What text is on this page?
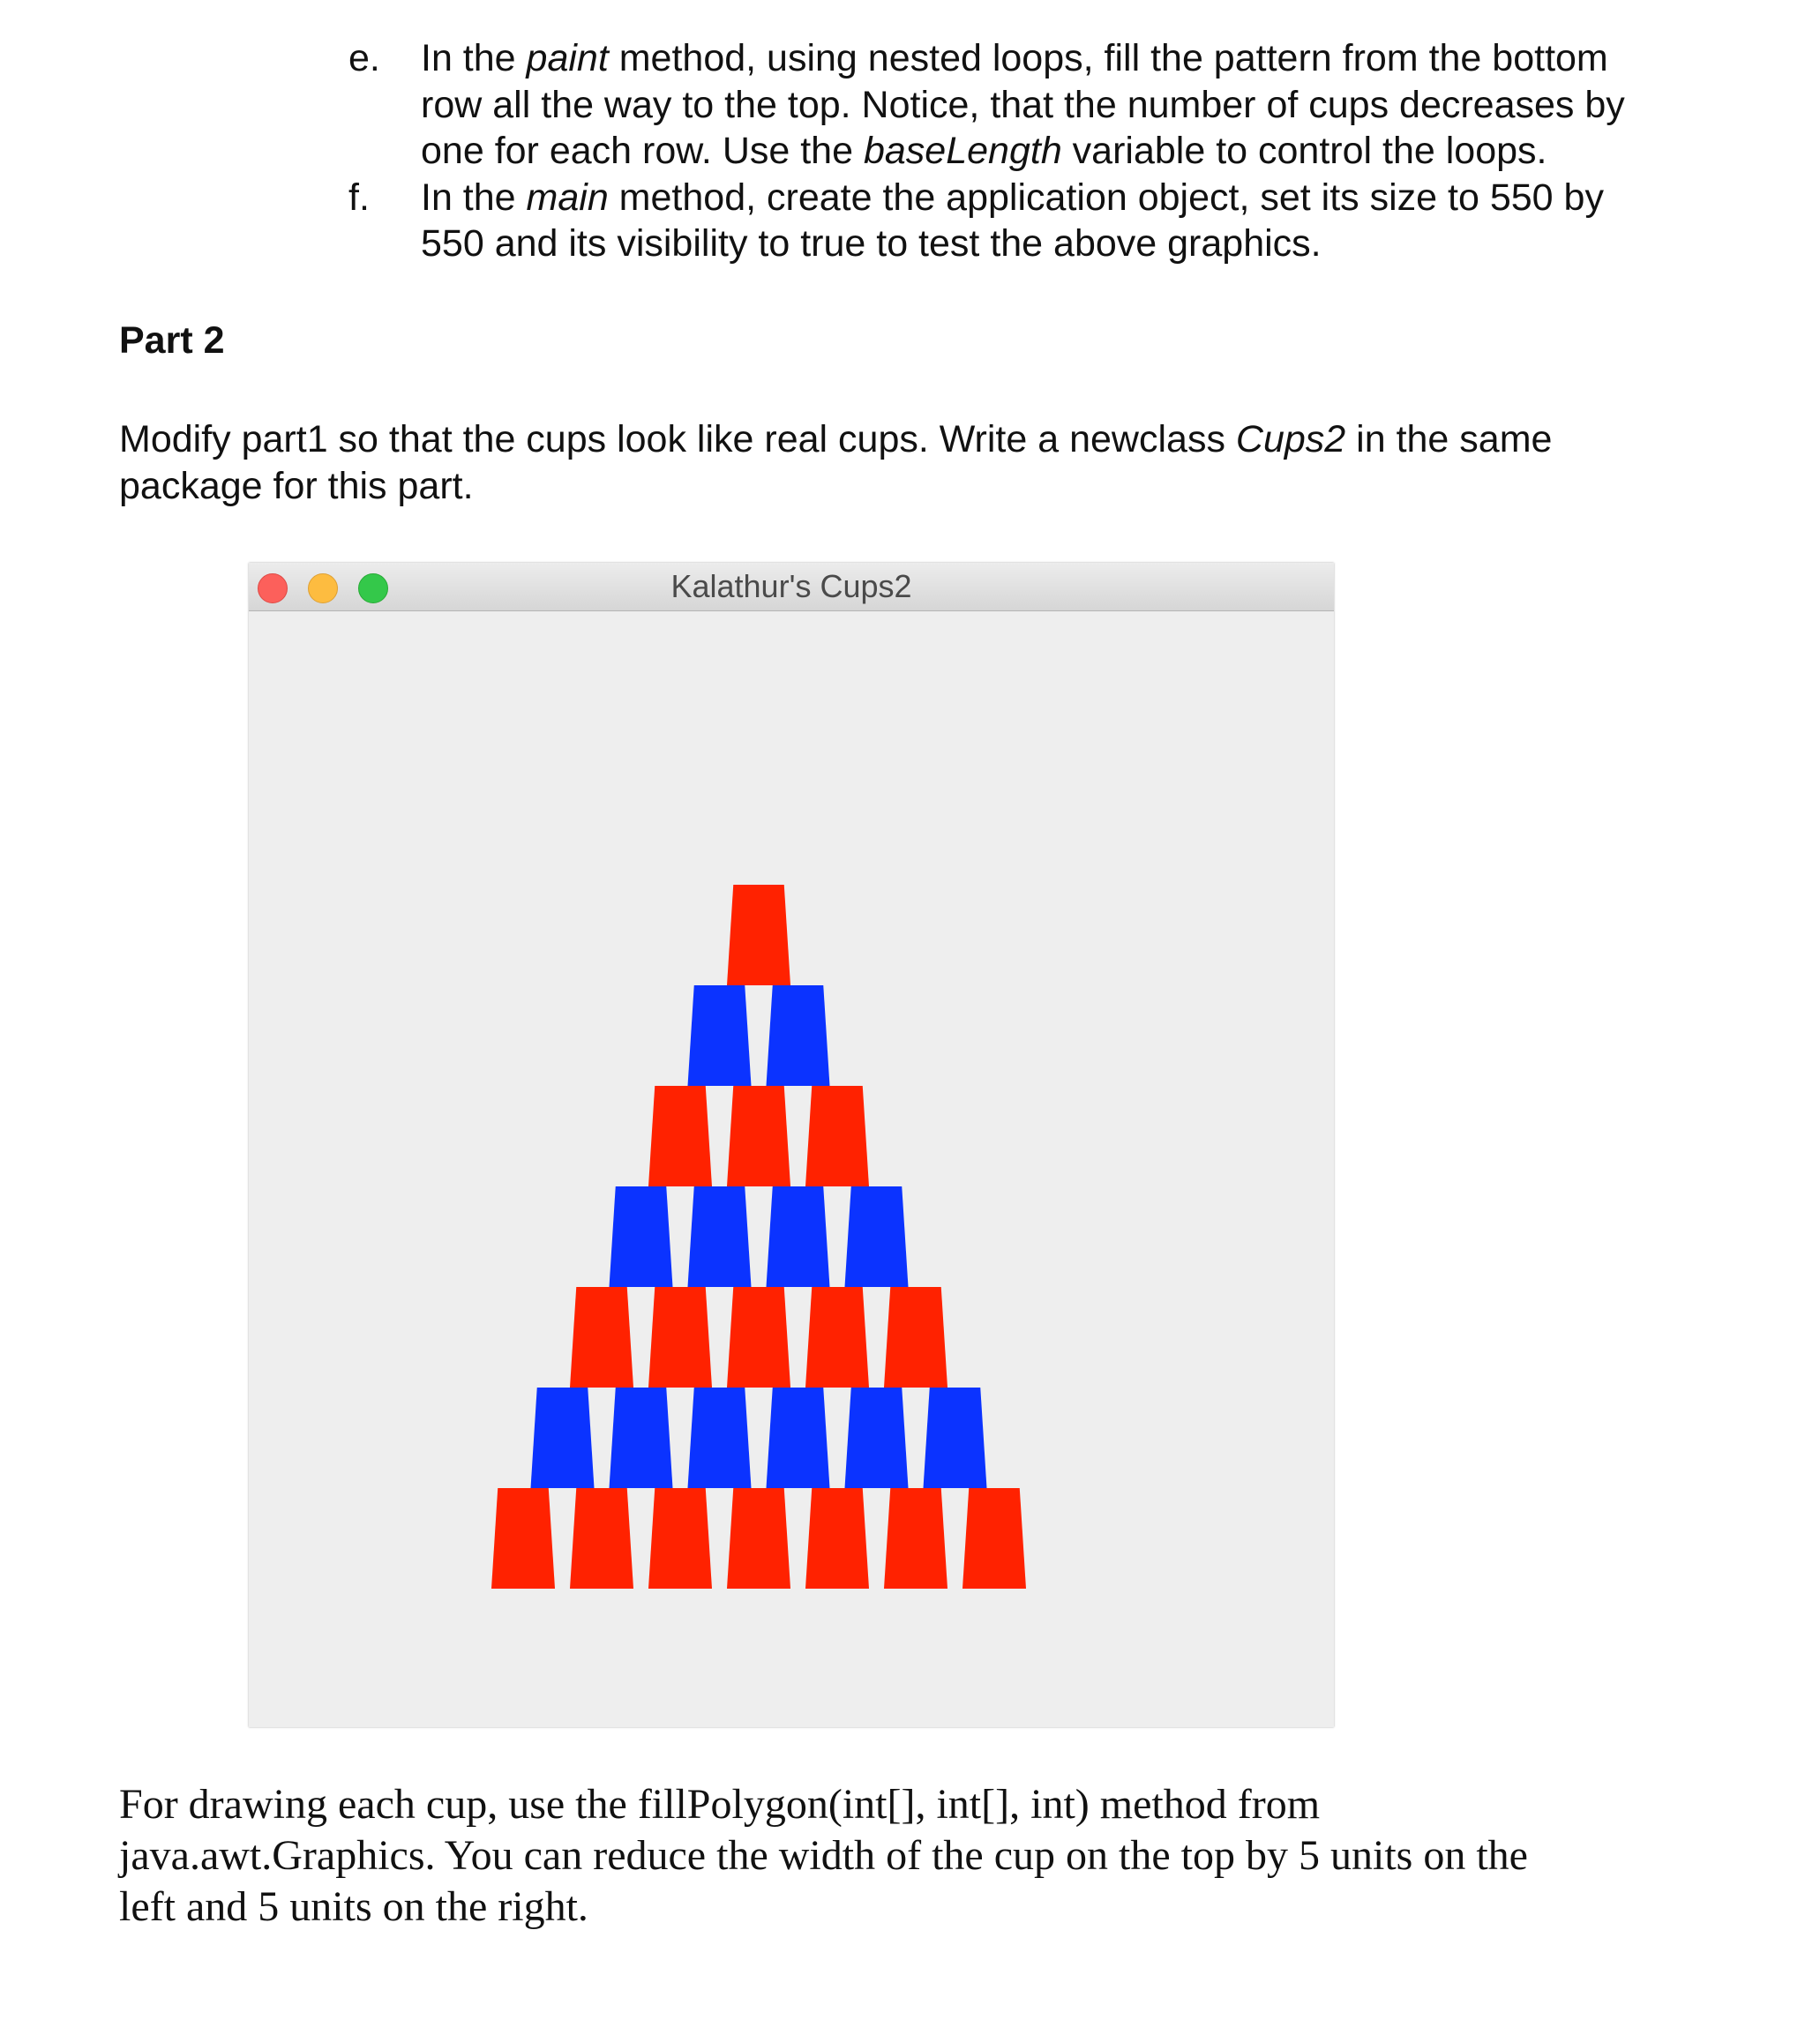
e. In the paint method, using nested loops, fill the pattern from the bottom
row all the way to the top. Notice, that the number of cups decreases by
one for each row. Use the baseLength variable to control the loops.
f. In the main method, create the application object, set its size to 550 by
550 and its visibility to true to test the above graphics.
Part 2

Modify part1 so that the cups look like real cups. Write a newclass Cups2 in the same
package for this part.

Kalathur's Cups2
For drawing each cup, use the fillPolygon(int[], int[], int) method from
java.awt.Graphics. You can reduce the width of the cup on the top by 5 units on the
left and 5 units on the right.
